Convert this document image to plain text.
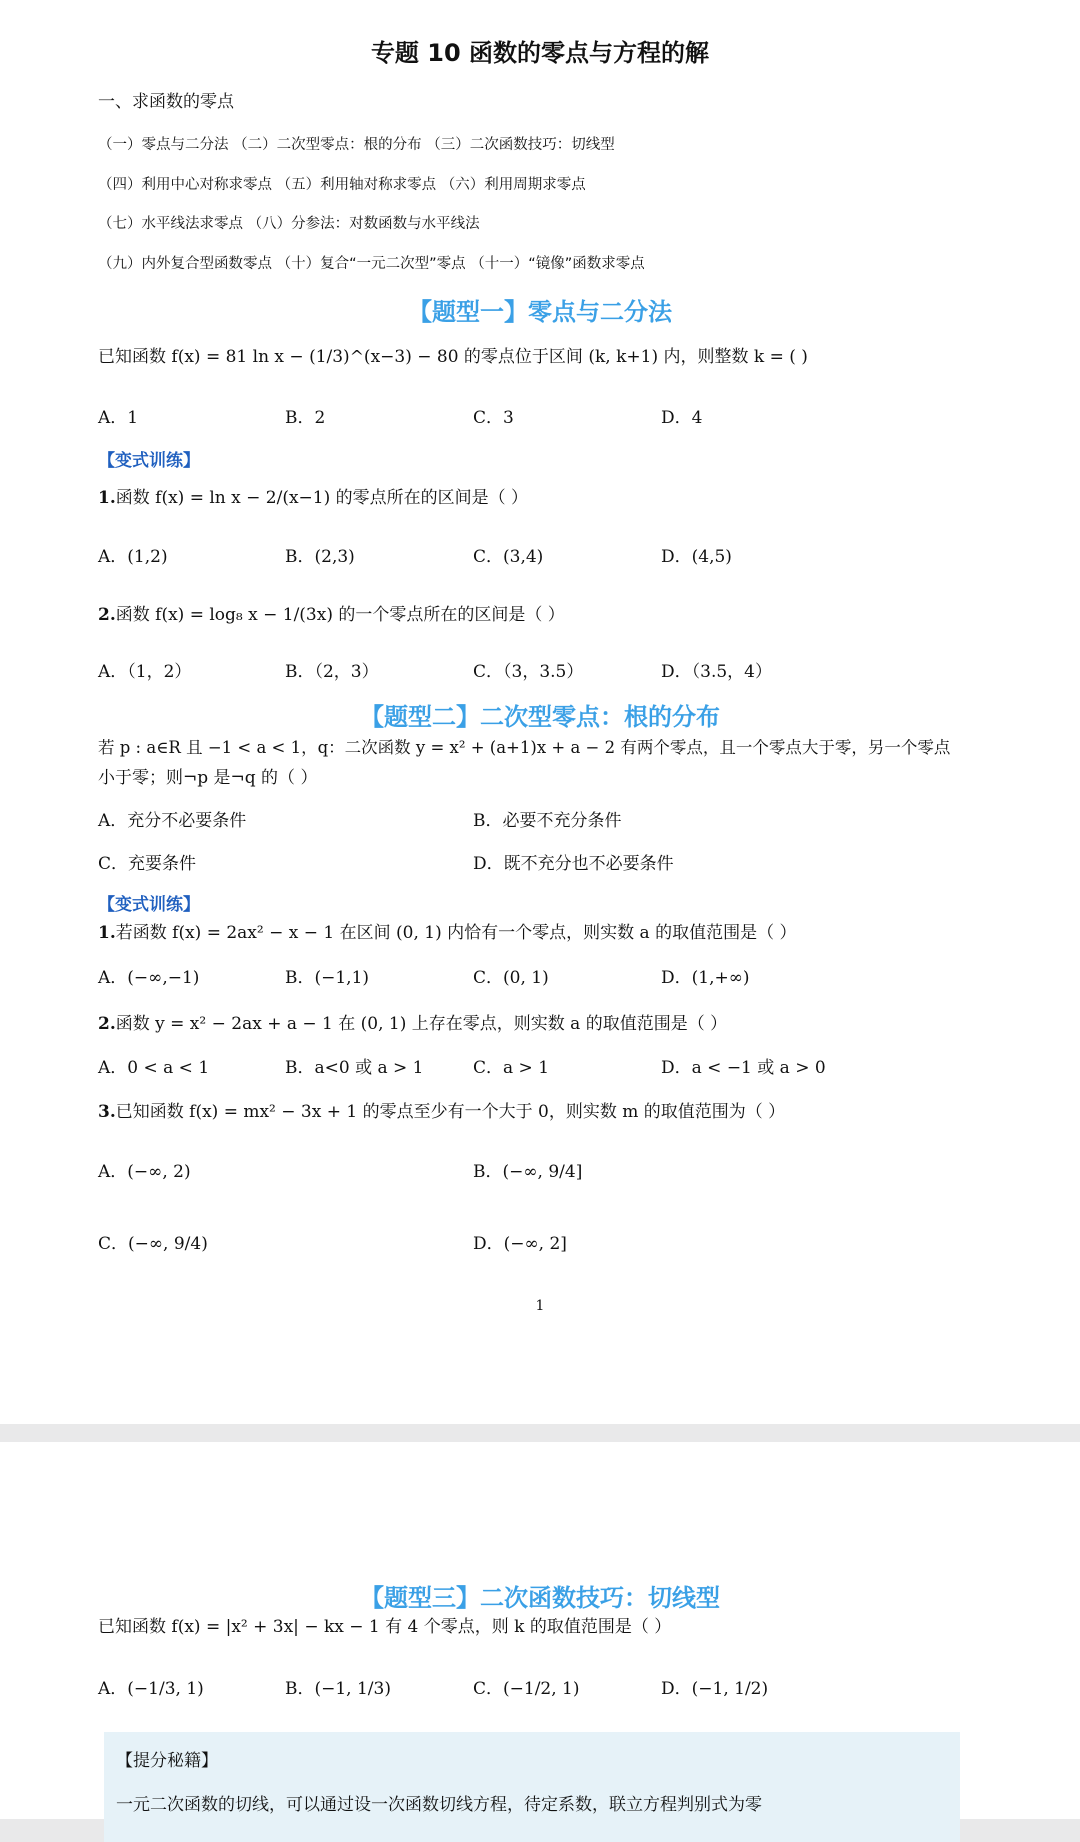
专题 10 函数的零点与方程的解
一、求函数的零点
（一）零点与二分法 （二）二次型零点：根的分布 （三）二次函数技巧：切线型
（四）利用中心对称求零点 （五）利用轴对称求零点 （六）利用周期求零点
（七）水平线法求零点 （八）分参法：对数函数与水平线法
（九）内外复合型函数零点 （十）复合“一元二次型”零点 （十一）“镜像”函数求零点
【题型一】零点与二分法
已知函数 f(x) = 81 ln x − (1/3)^(x−3) − 80 的零点位于区间 (k, k+1) 内，则整数 k = ( )
A．1	B．2	C．3	D．4
【变式训练】
1.函数 f(x) = ln x − 2/(x−1) 的零点所在的区间是（ ）
A．(1,2)	B．(2,3)	C．(3,4)	D．(4,5)
2.函数 f(x) = log₈ x − 1/(3x) 的一个零点所在的区间是（ ）
A．（1，2）	B．（2，3）	C．（3，3.5）	D．（3.5，4）
【题型二】二次型零点：根的分布
若 p : a∈R 且 −1 < a < 1，q：二次函数 y = x² + (a+1)x + a − 2 有两个零点，且一个零点大于零，另一个零点
小于零；则¬p 是¬q 的（ ）
A．充分不必要条件	B．必要不充分条件
C．充要条件	D．既不充分也不必要条件
【变式训练】
1.若函数 f(x) = 2ax² − x − 1 在区间 (0, 1) 内恰有一个零点，则实数 a 的取值范围是（ ）
A．(−∞,−1)	B．(−1,1)	C．(0, 1)	D．(1,+∞)
2.函数 y = x² − 2ax + a − 1 在 (0, 1) 上存在零点，则实数 a 的取值范围是（ ）
A．0 < a < 1	B．a<0 或 a > 1	C．a > 1	D．a < −1 或 a > 0
3.已知函数 f(x) = mx² − 3x + 1 的零点至少有一个大于 0，则实数 m 的取值范围为（ ）
A．(−∞, 2)	B．(−∞, 9/4]
C．(−∞, 9/4)	D．(−∞, 2]
1
【题型三】二次函数技巧：切线型
已知函数 f(x) = |x² + 3x| − kx − 1 有 4 个零点，则 k 的取值范围是（ ）
A．(−1/3, 1)	B．(−1, 1/3)	C．(−1/2, 1)	D．(−1, 1/2)
【提分秘籍】
一元二次函数的切线，可以通过设一次函数切线方程，待定系数，联立方程判别式为零
